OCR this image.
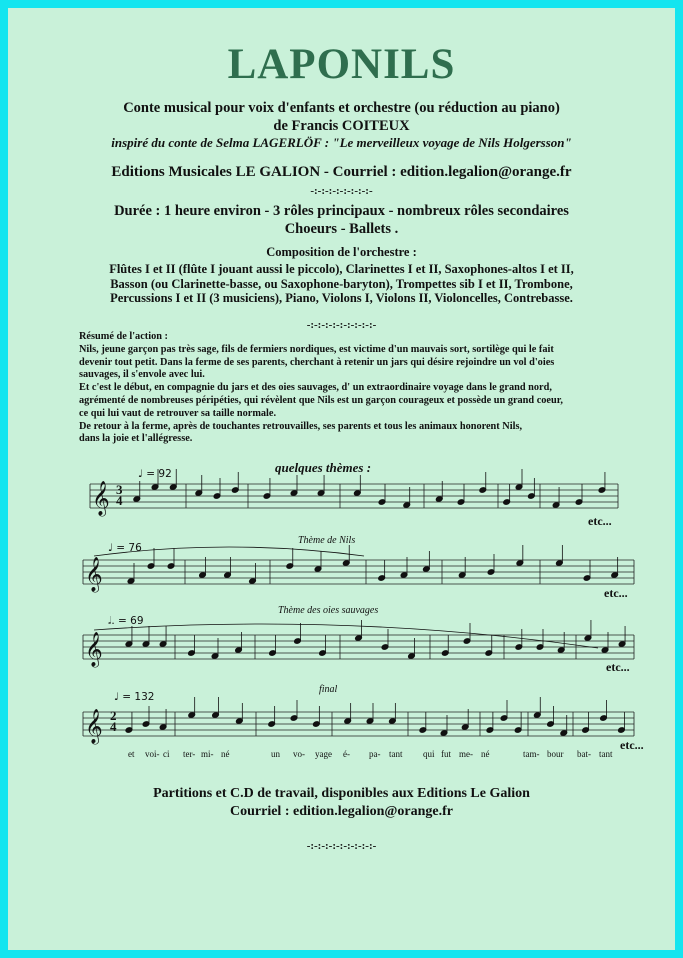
LAPONILS
Conte musical pour voix d'enfants et orchestre (ou réduction au piano)
de Francis COITEUX
inspiré du conte de Selma LAGERLÖF : "Le merveilleux voyage de Nils Holgersson"
Editions Musicales LE GALION - Courriel : edition.legalion@orange.fr
-:-:-:-:-:-:-:-:-
Durée : 1 heure environ - 3 rôles principaux - nombreux rôles secondaires
Choeurs - Ballets .
Composition de l'orchestre :
Flûtes I et II (flûte I jouant aussi le piccolo), Clarinettes I et II, Saxophones-altos I et II,
Basson (ou Clarinette-basse, ou Saxophone-baryton), Trompettes sib I et II, Trombone,
Percussions I et II (3 musiciens), Piano, Violons I, Violons II, Violoncelles, Contrebasse.
-:-:-:-:-:-:-:-:-:-
Résumé de l'action :
Nils, jeune garçon pas très sage, fils de fermiers nordiques, est victime d'un mauvais sort, sortilège qui le fait
devenir tout petit. Dans la ferme de ses parents, cherchant à retenir un jars qui désire rejoindre un vol d'oies
sauvages, il s'envole avec lui.
Et c'est le début, en compagnie du jars et des oies sauvages, d' un extraordinaire voyage dans le grand nord,
agrémenté de nombreuses péripéties, qui révèlent que Nils est un garçon courageux et possède un grand coeur,
ce qui lui vaut de retrouver sa taille normale.
De retour à la ferme, après de touchantes retrouvailles, ses parents et tous les animaux honorent Nils,
dans la joie et l'allégresse.
quelques thèmes :
Thème de Nils
Thème des oies sauvages
final
♩ = 92
♩ = 76
𝅗𝅥. = 69
♩ = 132
etc...
etc...
etc...
etc...
3
4
2
4
𝄞
𝄞
𝄞
𝄞
et voi- ci ter- mi- né	un vo- yage é- pa- tant qui fut me- né	tam- bour bat- tant
Partitions et C.D de travail, disponibles aux Editions Le Galion
Courriel : edition.legalion@orange.fr
-:-:-:-:-:-:-:-:-:-
